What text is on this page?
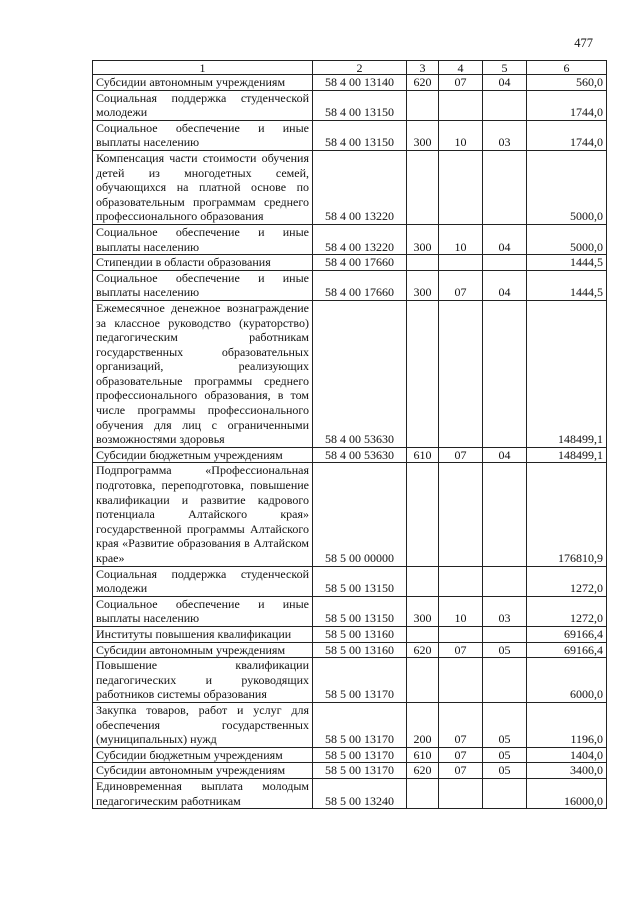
477
1	2	3	4	5	6
Субсидии автономным учреждениям	58 4 00 13140	620	07	04	560,0
Социальная поддержка студенческой молодежи	58 4 00 13150				1744,0
Социальное обеспечение и иные выплаты населению	58 4 00 13150	300	10	03	1744,0
Компенсация части стоимости обучения детей из многодетных семей, обучающихся на платной основе по образовательным программам среднего профессионального образования	58 4 00 13220				5000,0
Социальное обеспечение и иные выплаты населению	58 4 00 13220	300	10	04	5000,0
Стипендии в области образования	58 4 00 17660				1444,5
Социальное обеспечение и иные выплаты населению	58 4 00 17660	300	07	04	1444,5
Ежемесячное денежное вознаграждение за классное руководство (кураторство) педагогическим работникам государственных образовательных организаций, реализующих образовательные программы среднего профессионального образования, в том числе программы профессионального обучения для лиц с ограниченными возможностями здоровья	58 4 00 53630				148499,1
Субсидии бюджетным учреждениям	58 4 00 53630	610	07	04	148499,1
Подпрограмма «Профессиональная подготовка, переподготовка, повышение квалификации и развитие кадрового потенциала Алтайского края» государственной программы Алтайского края «Развитие образования в Алтайском крае»	58 5 00 00000				176810,9
Социальная поддержка студенческой молодежи	58 5 00 13150				1272,0
Социальное обеспечение и иные выплаты населению	58 5 00 13150	300	10	03	1272,0
Институты повышения квалификации	58 5 00 13160				69166,4
Субсидии автономным учреждениям	58 5 00 13160	620	07	05	69166,4
Повышение квалификации педагогических и руководящих работников системы образования	58 5 00 13170				6000,0
Закупка товаров, работ и услуг для обеспечения государственных (муниципальных) нужд	58 5 00 13170	200	07	05	1196,0
Субсидии бюджетным учреждениям	58 5 00 13170	610	07	05	1404,0
Субсидии автономным учреждениям	58 5 00 13170	620	07	05	3400,0
Единовременная выплата молодым педагогическим работникам	58 5 00 13240				16000,0
